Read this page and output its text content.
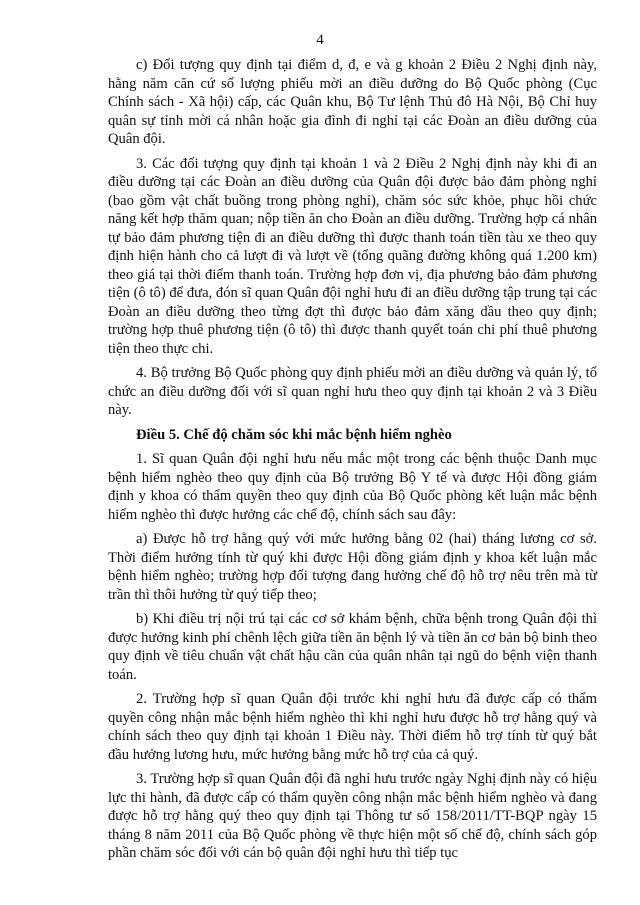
4

c) Đối tượng quy định tại điểm d, đ, e và g khoản 2 Điều 2 Nghị định này, hằng năm căn cứ số lượng phiếu mời an điều dưỡng do Bộ Quốc phòng (Cục Chính sách - Xã hội) cấp, các Quân khu, Bộ Tư lệnh Thủ đô Hà Nội, Bộ Chỉ huy quân sự tỉnh mời cá nhân hoặc gia đình đi nghỉ tại các Đoàn an điều dưỡng của Quân đội.

3. Các đối tượng quy định tại khoản 1 và 2 Điều 2 Nghị định này khi đi an điều dưỡng tại các Đoàn an điều dưỡng của Quân đội được bảo đảm phòng nghỉ (bao gồm vật chất buồng trong phòng nghỉ), chăm sóc sức khỏe, phục hồi chức năng kết hợp thăm quan; nộp tiền ăn cho Đoàn an điều dưỡng. Trường hợp cá nhân tự bảo đảm phương tiện đi an điều dưỡng thì được thanh toán tiền tàu xe theo quy định hiện hành cho cả lượt đi và lượt về (tổng quãng đường không quá 1.200 km) theo giá tại thời điểm thanh toán. Trường hợp đơn vị, địa phương bảo đảm phương tiện (ô tô) để đưa, đón sĩ quan Quân đội nghỉ hưu đi an điều dưỡng tập trung tại các Đoàn an điều dưỡng theo từng đợt thì được bảo đảm xăng dầu theo quy định; trường hợp thuê phương tiện (ô tô) thì được thanh quyết toán chi phí thuê phương tiện theo thực chi.

4. Bộ trưởng Bộ Quốc phòng quy định phiếu mời an điều dưỡng và quản lý, tổ chức an điều dưỡng đối với sĩ quan nghỉ hưu theo quy định tại khoản 2 và 3 Điều này.

Điều 5. Chế độ chăm sóc khi mắc bệnh hiểm nghèo

1. Sĩ quan Quân đội nghỉ hưu nếu mắc một trong các bệnh thuộc Danh mục bệnh hiểm nghèo theo quy định của Bộ trưởng Bộ Y tế và được Hội đồng giám định y khoa có thẩm quyền theo quy định của Bộ Quốc phòng kết luận mắc bệnh hiểm nghèo thì được hưởng các chế độ, chính sách sau đây:

a) Được hỗ trợ hằng quý với mức hưởng bằng 02 (hai) tháng lương cơ sở. Thời điểm hưởng tính từ quý khi được Hội đồng giám định y khoa kết luận mắc bệnh hiểm nghèo; trường hợp đối tượng đang hưởng chế độ hỗ trợ nêu trên mà từ trần thì thôi hưởng từ quý tiếp theo;

b) Khi điều trị nội trú tại các cơ sở khám bệnh, chữa bệnh trong Quân đội thì được hưởng kinh phí chênh lệch giữa tiền ăn bệnh lý và tiền ăn cơ bản bộ binh theo quy định về tiêu chuẩn vật chất hậu cần của quân nhân tại ngũ do bệnh viện thanh toán.

2. Trường hợp sĩ quan Quân đội trước khi nghỉ hưu đã được cấp có thẩm quyền công nhận mắc bệnh hiểm nghèo thì khi nghỉ hưu được hỗ trợ hằng quý và chính sách theo quy định tại khoản 1 Điều này. Thời điểm hỗ trợ tính từ quý bắt đầu hưởng lương hưu, mức hưởng bằng mức hỗ trợ của cả quý.

3. Trường hợp sĩ quan Quân đội đã nghỉ hưu trước ngày Nghị định này có hiệu lực thi hành, đã được cấp có thẩm quyền công nhận mắc bệnh hiểm nghèo và đang được hỗ trợ hằng quý theo quy định tại Thông tư số 158/2011/TT-BQP ngày 15 tháng 8 năm 2011 của Bộ Quốc phòng về thực hiện một số chế độ, chính sách góp phần chăm sóc đối với cán bộ quân đội nghỉ hưu thì tiếp tục
